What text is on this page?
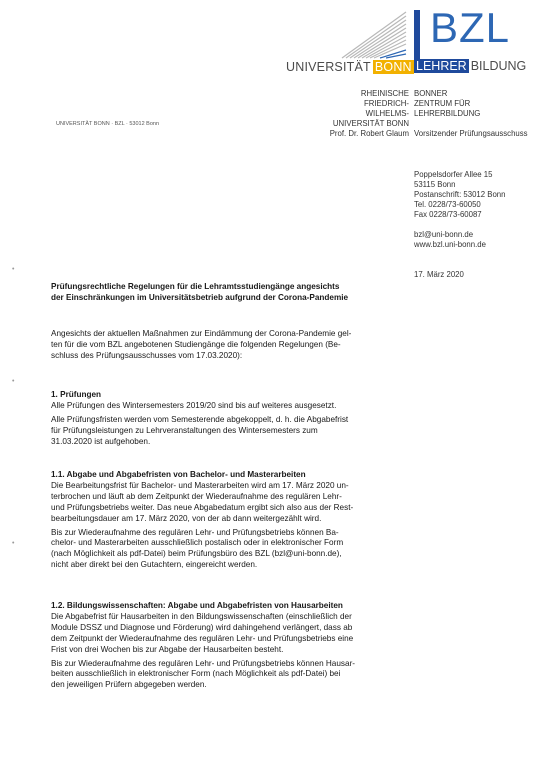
UNIVERSITÄT BONN
BZL
LEHRER BILDUNG
RHEINISCHE
FRIEDRICH-WILHELMS-
UNIVERSITÄT BONN
BONNER
ZENTRUM FÜR
LEHRERBILDUNG
UNIVERSITÄT BONN · BZL · 53012 Bonn
Prof. Dr. Robert Glaum Vorsitzender Prüfungsausschuss
Poppelsdorfer Allee 15
53115 Bonn
Postanschrift: 53012 Bonn
Tel. 0228/73-60050
Fax 0228/73-60087
bzl@uni-bonn.de
www.bzl.uni-bonn.de
17. März 2020
•
•
•
Prüfungsrechtliche Regelungen für die Lehramtsstudiengänge angesichts
der Einschränkungen im Universitätsbetrieb aufgrund der Corona-Pandemie
Angesichts der aktuellen Maßnahmen zur Eindämmung der Corona-Pandemie gel-
ten für die vom BZL angebotenen Studiengänge die folgenden Regelungen (Be-
schluss des Prüfungsausschusses vom 17.03.2020):
1. Prüfungen
Alle Prüfungen des Wintersemesters 2019/20 sind bis auf weiteres ausgesetzt.
Alle Prüfungsfristen werden vom Semesterende abgekoppelt, d. h. die Abgabefrist
für Prüfungsleistungen zu Lehrveranstaltungen des Wintersemesters zum
31.03.2020 ist aufgehoben.
1.1. Abgabe und Abgabefristen von Bachelor- und Masterarbeiten
Die Bearbeitungsfrist für Bachelor- und Masterarbeiten wird am 17. März 2020 un-
terbrochen und läuft ab dem Zeitpunkt der Wiederaufnahme des regulären Lehr-
und Prüfungsbetriebs weiter. Das neue Abgabedatum ergibt sich also aus der Rest-
bearbeitungsdauer am 17. März 2020, von der ab dann weitergezählt wird.
Bis zur Wiederaufnahme des regulären Lehr- und Prüfungsbetriebs können Ba-
chelor- und Masterarbeiten ausschließlich postalisch oder in elektronischer Form
(nach Möglichkeit als pdf-Datei) beim Prüfungsbüro des BZL (bzl@uni-bonn.de),
nicht aber direkt bei den Gutachtern, eingereicht werden.
1.2. Bildungswissenschaften: Abgabe und Abgabefristen von Hausarbeiten
Die Abgabefrist für Hausarbeiten in den Bildungswissenschaften (einschließlich der
Module DSSZ und Diagnose und Förderung) wird dahingehend verlängert, dass ab
dem Zeitpunkt der Wiederaufnahme des regulären Lehr- und Prüfungsbetriebs eine
Frist von drei Wochen bis zur Abgabe der Hausarbeiten besteht.
Bis zur Wiederaufnahme des regulären Lehr- und Prüfungsbetriebs können Hausar-
beiten ausschließlich in elektronischer Form (nach Möglichkeit als pdf-Datei) bei
den jeweiligen Prüfern abgegeben werden.
